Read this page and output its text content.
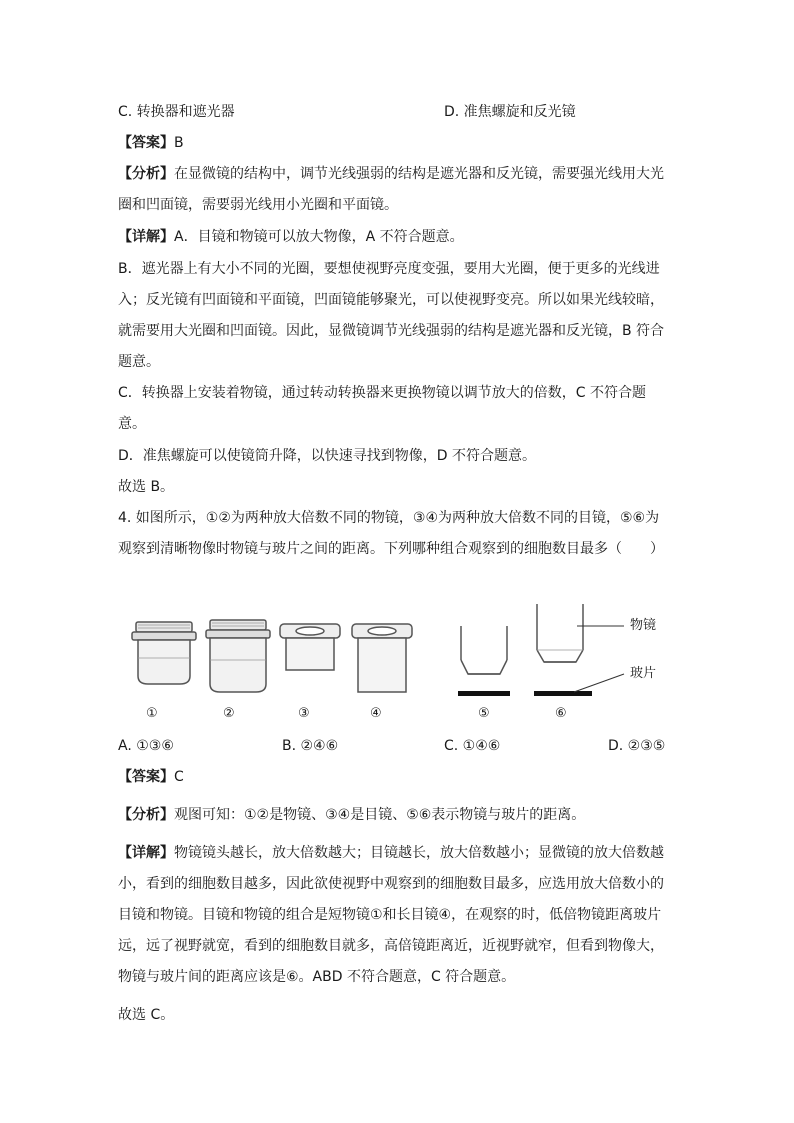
C. 转换器和遮光器	D. 准焦螺旋和反光镜
【答案】B
【分析】在显微镜的结构中，调节光线强弱的结构是遮光器和反光镜，需要强光线用大光
圈和凹面镜，需要弱光线用小光圈和平面镜。
【详解】A．目镜和物镜可以放大物像，A 不符合题意。
B．遮光器上有大小不同的光圈，要想使视野亮度变强，要用大光圈，便于更多的光线进
入；反光镜有凹面镜和平面镜，凹面镜能够聚光，可以使视野变亮。所以如果光线较暗，
就需要用大光圈和凹面镜。因此，显微镜调节光线强弱的结构是遮光器和反光镜，B 符合
题意。
C．转换器上安装着物镜，通过转动转换器来更换物镜以调节放大的倍数，C 不符合题
意。
D．准焦螺旋可以使镜筒升降，以快速寻找到物像，D 不符合题意。
故选 B。
4. 如图所示，①②为两种放大倍数不同的物镜，③④为两种放大倍数不同的目镜，⑤⑥为
观察到清晰物像时物镜与玻片之间的距离。下列哪种组合观察到的细胞数目最多（　　）
物镜
玻片
①	②	③	④	⑤	⑥
A. ①③⑥	B. ②④⑥	C. ①④⑥	D. ②③⑤
【答案】C
【分析】观图可知：①②是物镜、③④是目镜、⑤⑥表示物镜与玻片的距离。
【详解】物镜镜头越长，放大倍数越大；目镜越长，放大倍数越小；显微镜的放大倍数越
小，看到的细胞数目越多，因此欲使视野中观察到的细胞数目最多，应选用放大倍数小的
目镜和物镜。目镜和物镜的组合是短物镜①和长目镜④，在观察的时，低倍物镜距离玻片
远，远了视野就宽，看到的细胞数目就多，高倍镜距离近，近视野就窄，但看到物像大，
物镜与玻片间的距离应该是⑥。ABD 不符合题意，C 符合题意。
故选 C。
